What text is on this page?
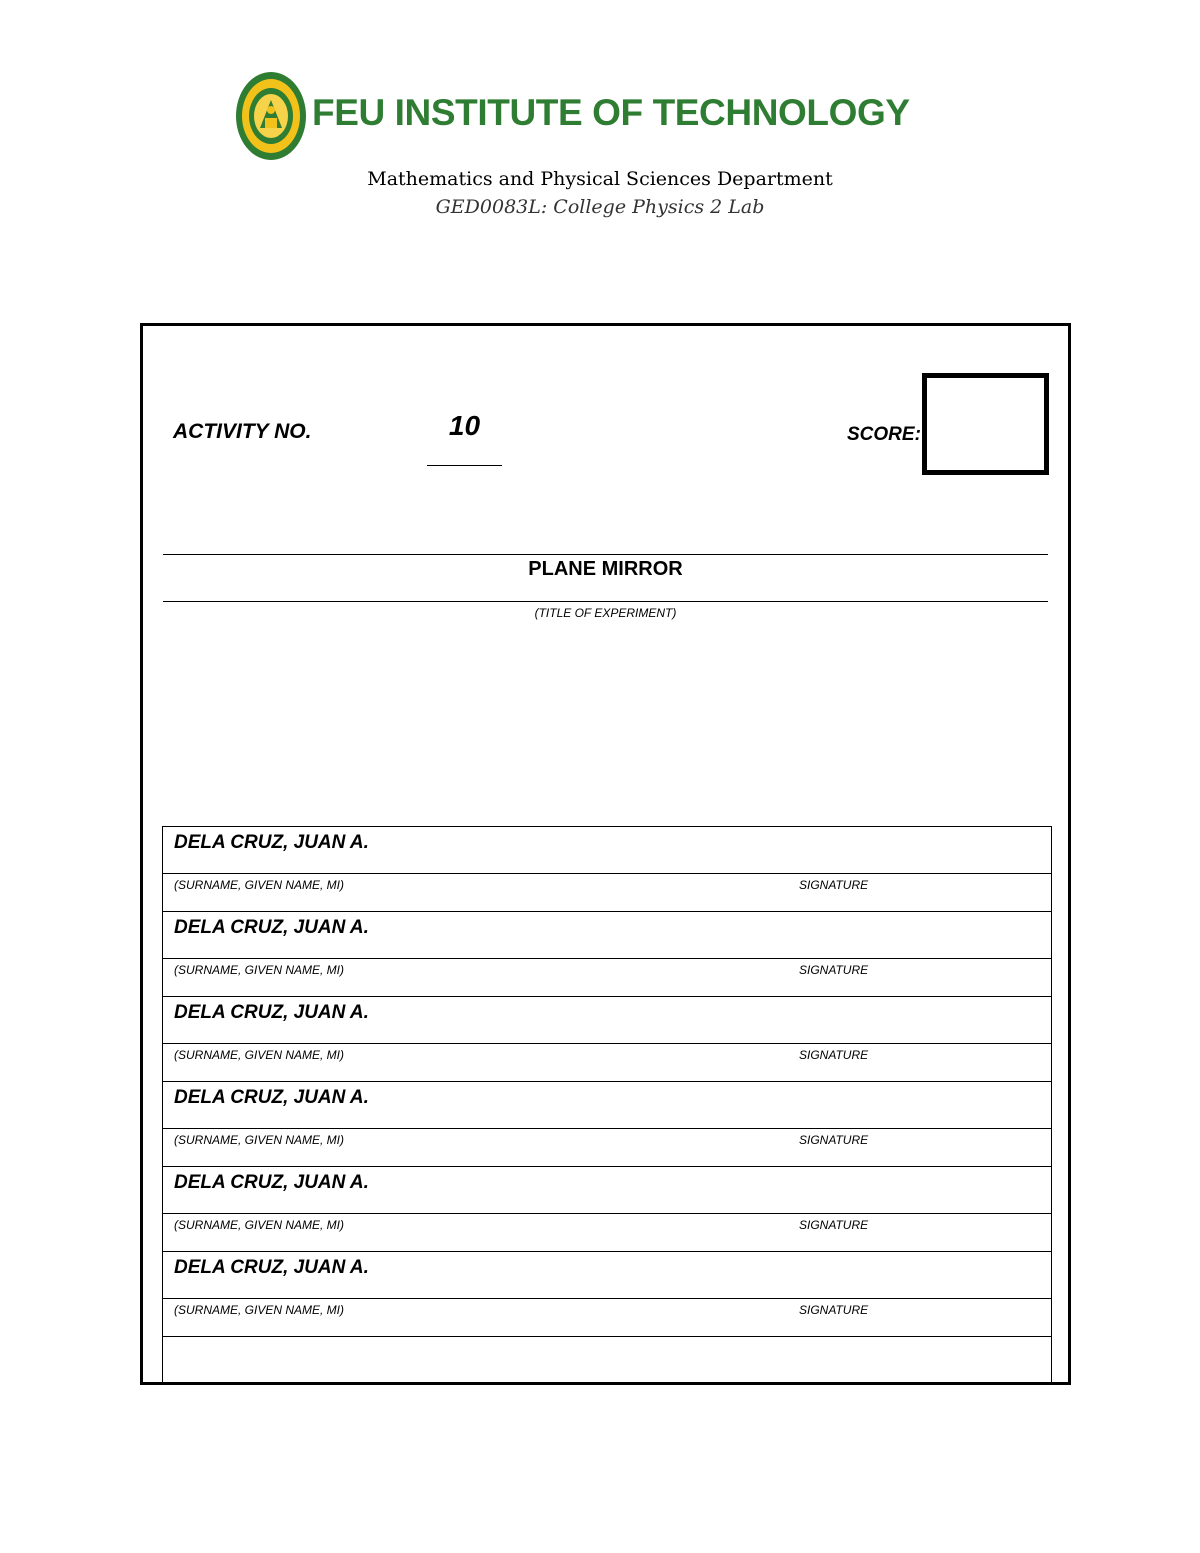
FEU INSTITUTE OF TECHNOLOGY
Mathematics and Physical Sciences Department
GED0083L: College Physics 2 Lab
ACTIVITY NO.	10	SCORE:
PLANE MIRROR
(TITLE OF EXPERIMENT)
DELA CRUZ, JUAN A.
(SURNAME, GIVEN NAME, MI)	SIGNATURE
DELA CRUZ, JUAN A.
(SURNAME, GIVEN NAME, MI)	SIGNATURE
DELA CRUZ, JUAN A.
(SURNAME, GIVEN NAME, MI)	SIGNATURE
DELA CRUZ, JUAN A.
(SURNAME, GIVEN NAME, MI)	SIGNATURE
DELA CRUZ, JUAN A.
(SURNAME, GIVEN NAME, MI)	SIGNATURE
DELA CRUZ, JUAN A.
(SURNAME, GIVEN NAME, MI)	SIGNATURE
